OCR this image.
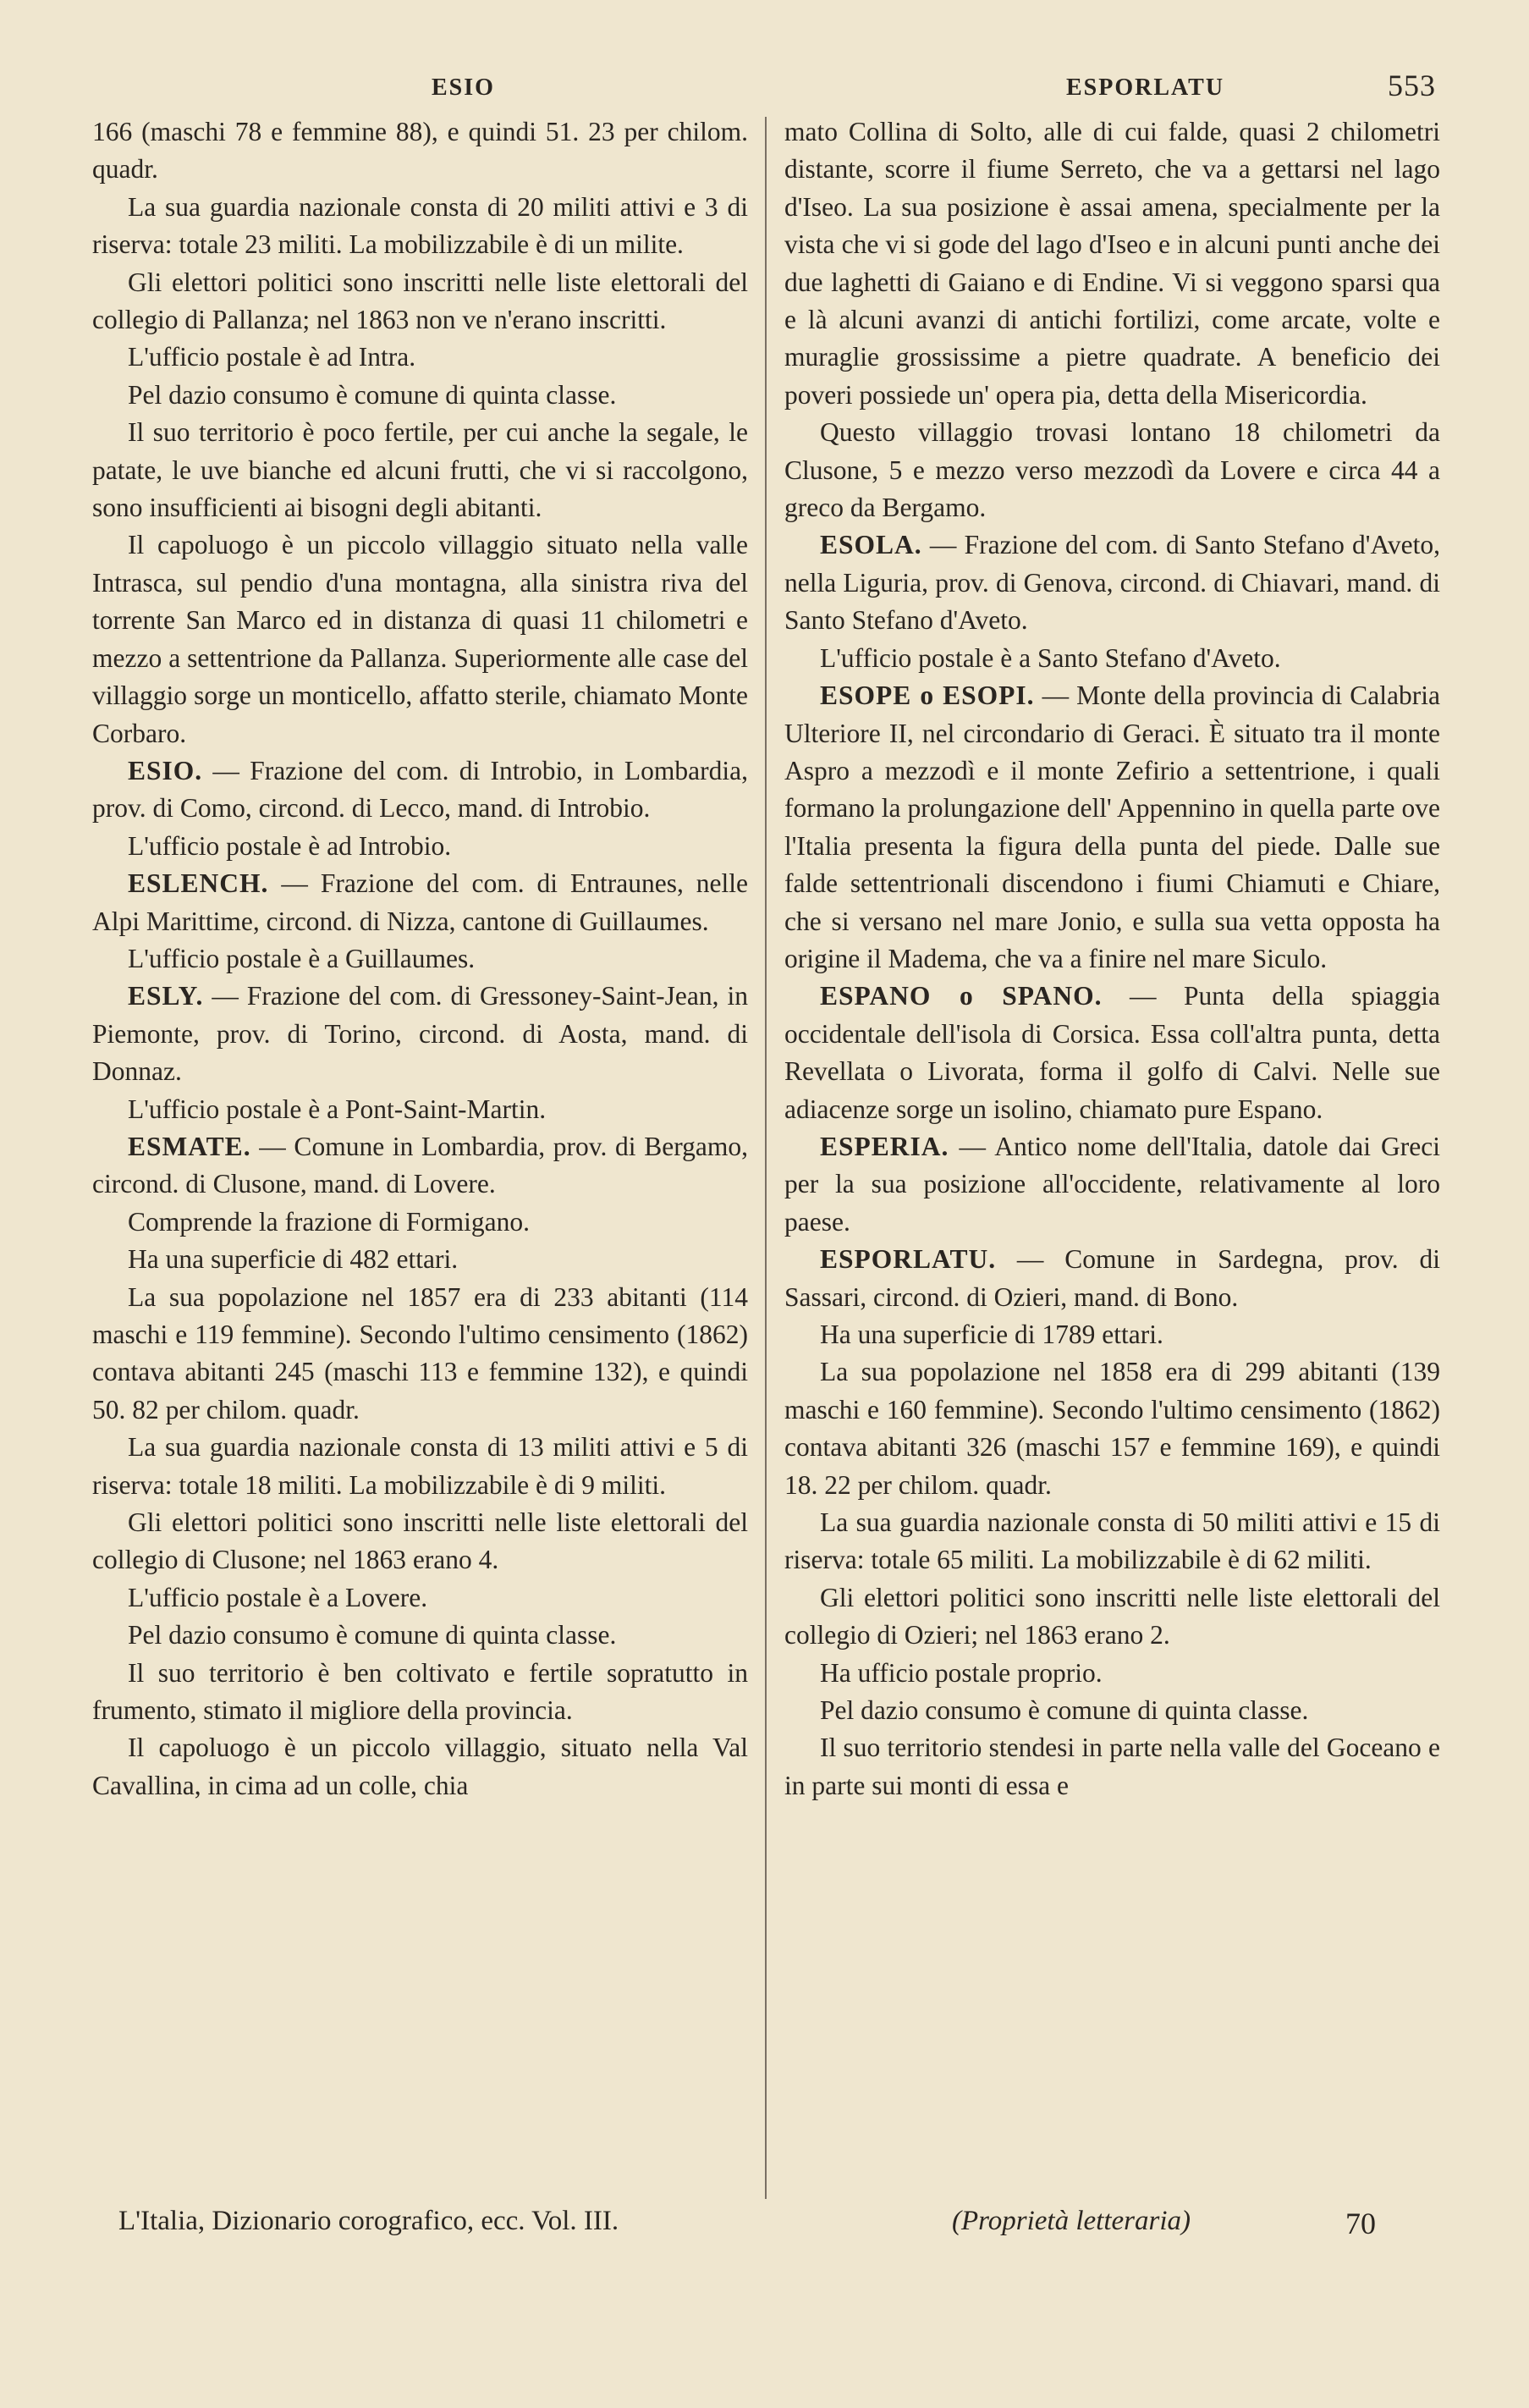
ESIO	ESPORLATU	553

166 (maschi 78 e femmine 88), e quindi 51. 23 per chilom. quadr.

La sua guardia nazionale consta di 20 militi attivi e 3 di riserva: totale 23 militi. La mobilizzabile è di un milite.

Gli elettori politici sono inscritti nelle liste elettorali del collegio di Pallanza; nel 1863 non ve n'erano inscritti.

L'ufficio postale è ad Intra.

Pel dazio consumo è comune di quinta classe.

Il suo territorio è poco fertile, per cui anche la segale, le patate, le uve bianche ed alcuni frutti, che vi si raccolgono, sono insufficienti ai bisogni degli abitanti.

Il capoluogo è un piccolo villaggio situato nella valle Intrasca, sul pendio d'una montagna, alla sinistra riva del torrente San Marco ed in distanza di quasi 11 chilometri e mezzo a settentrione da Pallanza. Superiormente alle case del villaggio sorge un monticello, affatto sterile, chiamato Monte Corbaro.

ESIO. — Frazione del com. di Introbio, in Lombardia, prov. di Como, circond. di Lecco, mand. di Introbio.

L'ufficio postale è ad Introbio.

ESLENCH. — Frazione del com. di Entraunes, nelle Alpi Marittime, circond. di Nizza, cantone di Guillaumes.

L'ufficio postale è a Guillaumes.

ESLY. — Frazione del com. di Gressoney-Saint-Jean, in Piemonte, prov. di Torino, circond. di Aosta, mand. di Donnaz.

L'ufficio postale è a Pont-Saint-Martin.

ESMATE. — Comune in Lombardia, prov. di Bergamo, circond. di Clusone, mand. di Lovere.

Comprende la frazione di Formigano.

Ha una superficie di 482 ettari.

La sua popolazione nel 1857 era di 233 abitanti (114 maschi e 119 femmine). Secondo l'ultimo censimento (1862) contava abitanti 245 (maschi 113 e femmine 132), e quindi 50. 82 per chilom. quadr.

La sua guardia nazionale consta di 13 militi attivi e 5 di riserva: totale 18 militi. La mobilizzabile è di 9 militi.

Gli elettori politici sono inscritti nelle liste elettorali del collegio di Clusone; nel 1863 erano 4.

L'ufficio postale è a Lovere.

Pel dazio consumo è comune di quinta classe.

Il suo territorio è ben coltivato e fertile sopratutto in frumento, stimato il migliore della provincia.

Il capoluogo è un piccolo villaggio, situato nella Val Cavallina, in cima ad un colle, chia

mato Collina di Solto, alle di cui falde, quasi 2 chilometri distante, scorre il fiume Serreto, che va a gettarsi nel lago d'Iseo. La sua posizione è assai amena, specialmente per la vista che vi si gode del lago d'Iseo e in alcuni punti anche dei due laghetti di Gaiano e di Endine. Vi si veggono sparsi qua e là alcuni avanzi di antichi fortilizi, come arcate, volte e muraglie grossissime a pietre quadrate. A beneficio dei poveri possiede un' opera pia, detta della Misericordia.

Questo villaggio trovasi lontano 18 chilometri da Clusone, 5 e mezzo verso mezzodì da Lovere e circa 44 a greco da Bergamo.

ESOLA. — Frazione del com. di Santo Stefano d'Aveto, nella Liguria, prov. di Genova, circond. di Chiavari, mand. di Santo Stefano d'Aveto.

L'ufficio postale è a Santo Stefano d'Aveto.

ESOPE o ESOPI. — Monte della provincia di Calabria Ulteriore II, nel circondario di Geraci. È situato tra il monte Aspro a mezzodì e il monte Zefirio a settentrione, i quali formano la prolungazione dell' Appennino in quella parte ove l'Italia presenta la figura della punta del piede. Dalle sue falde settentrionali discendono i fiumi Chiamuti e Chiare, che si versano nel mare Jonio, e sulla sua vetta opposta ha origine il Madema, che va a finire nel mare Siculo.

ESPANO o SPANO. — Punta della spiaggia occidentale dell'isola di Corsica. Essa coll'altra punta, detta Revellata o Livorata, forma il golfo di Calvi. Nelle sue adiacenze sorge un isolino, chiamato pure Espano.

ESPERIA. — Antico nome dell'Italia, datole dai Greci per la sua posizione all'occidente, relativamente al loro paese.

ESPORLATU. — Comune in Sardegna, prov. di Sassari, circond. di Ozieri, mand. di Bono.

Ha una superficie di 1789 ettari.

La sua popolazione nel 1858 era di 299 abitanti (139 maschi e 160 femmine). Secondo l'ultimo censimento (1862) contava abitanti 326 (maschi 157 e femmine 169), e quindi 18. 22 per chilom. quadr.

La sua guardia nazionale consta di 50 militi attivi e 15 di riserva: totale 65 militi. La mobilizzabile è di 62 militi.

Gli elettori politici sono inscritti nelle liste elettorali del collegio di Ozieri; nel 1863 erano 2.

Ha ufficio postale proprio.

Pel dazio consumo è comune di quinta classe.

Il suo territorio stendesi in parte nella valle del Goceano e in parte sui monti di essa e

L'Italia, Dizionario corografico, ecc. Vol. III.	(Proprietà letteraria)	70
